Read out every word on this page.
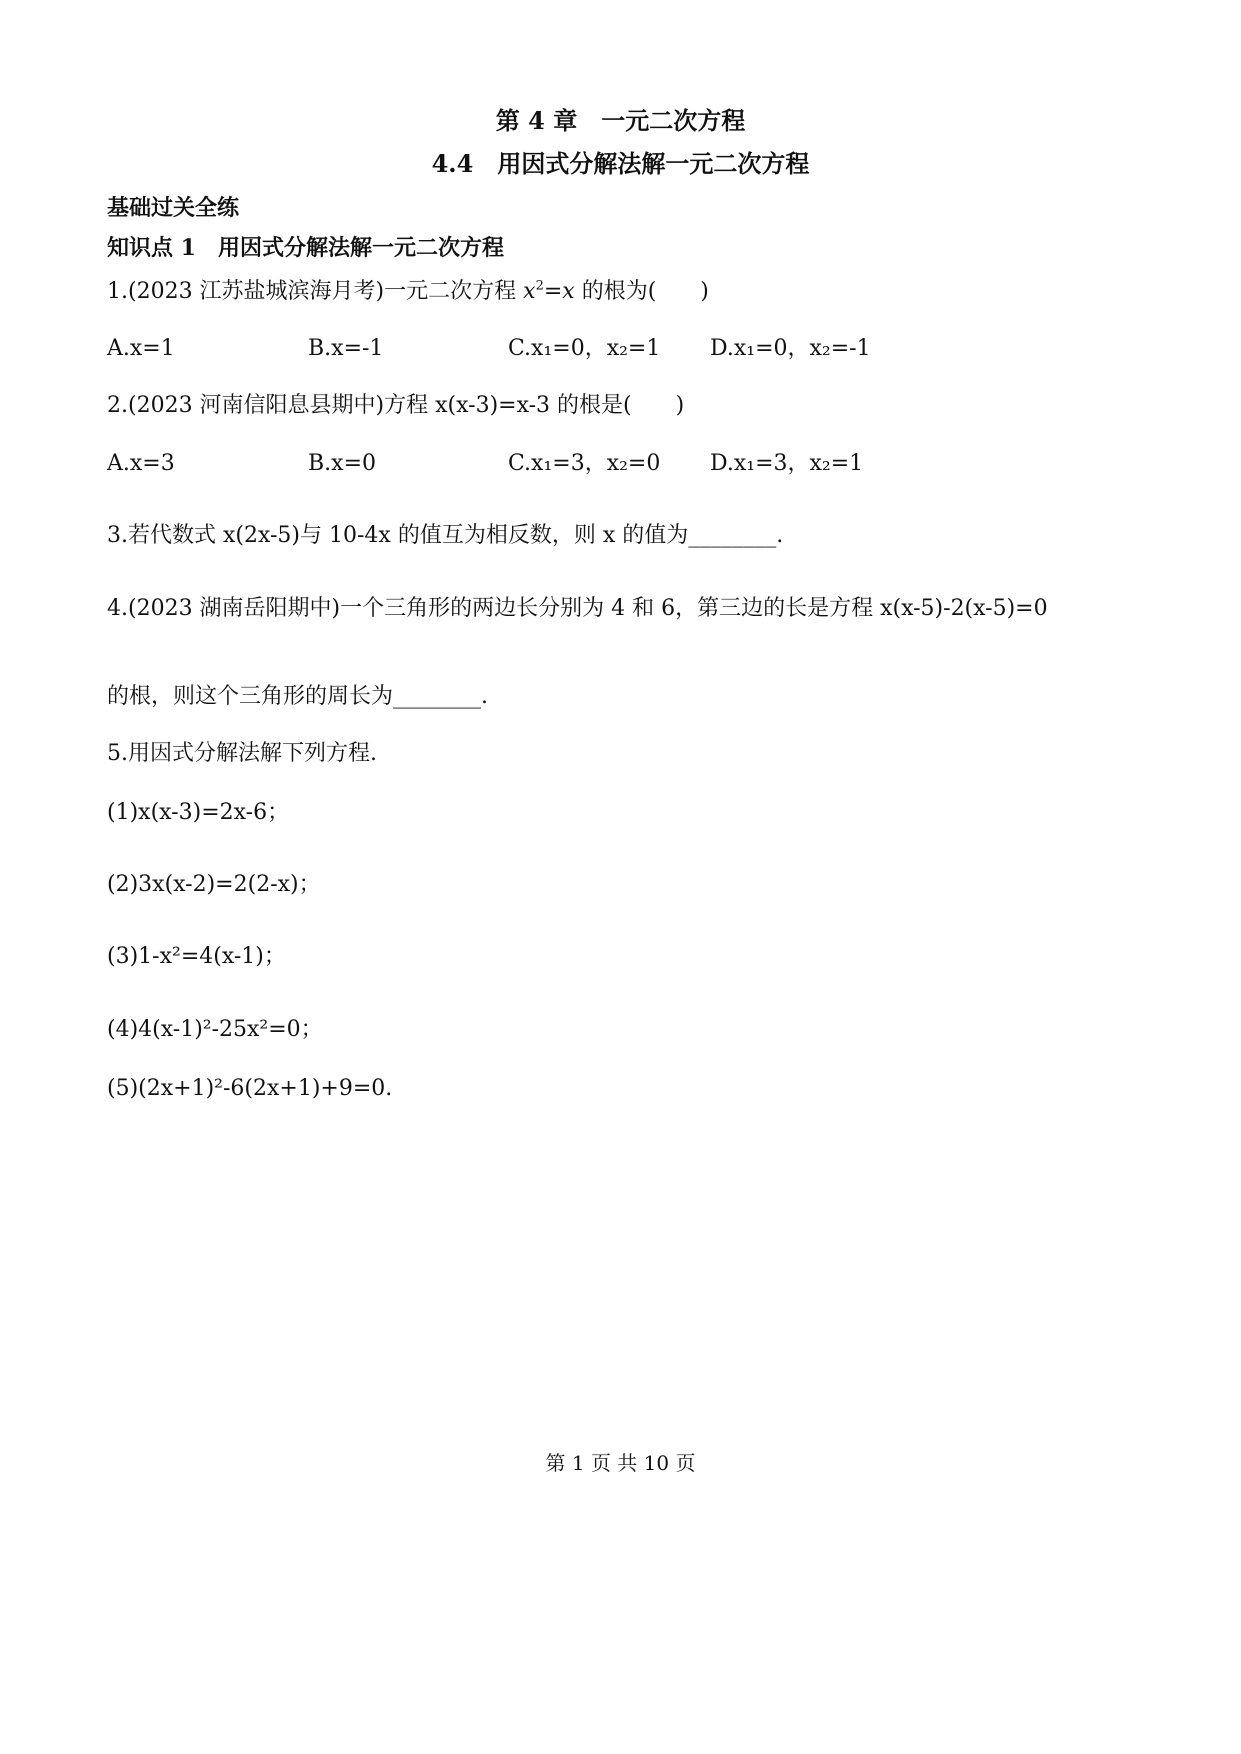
第 4 章　一元二次方程
4.4　用因式分解法解一元二次方程
基础过关全练
知识点 1　用因式分解法解一元二次方程
1.(2023 江苏盐城滨海月考)一元二次方程 $x^2=x$ 的根为(　　)
A.x=1	B.x=-1	C.x₁=0，x₂=1 D.x₁=0，x₂=-1
2.(2023 河南信阳息县期中)方程 x(x-3)=x-3 的根是(　　)
A.x=3	B.x=0	C.x₁=3，x₂=0 D.x₁=3，x₂=1
3.若代数式 x(2x-5)与 10-4x 的值互为相反数，则 x 的值为________.
4.(2023 湖南岳阳期中)一个三角形的两边长分别为 4 和 6，第三边的长是方程 x(x-5)-2(x-5)=0
的根，则这个三角形的周长为________.
5.用因式分解法解下列方程.
(1)x(x-3)=2x-6；
(2)3x(x-2)=2(2-x)；
(3)1-x²=4(x-1)；
(4)4(x-1)²-25x²=0；
(5)(2x+1)²-6(2x+1)+9=0.
第 1 页 共 10 页
